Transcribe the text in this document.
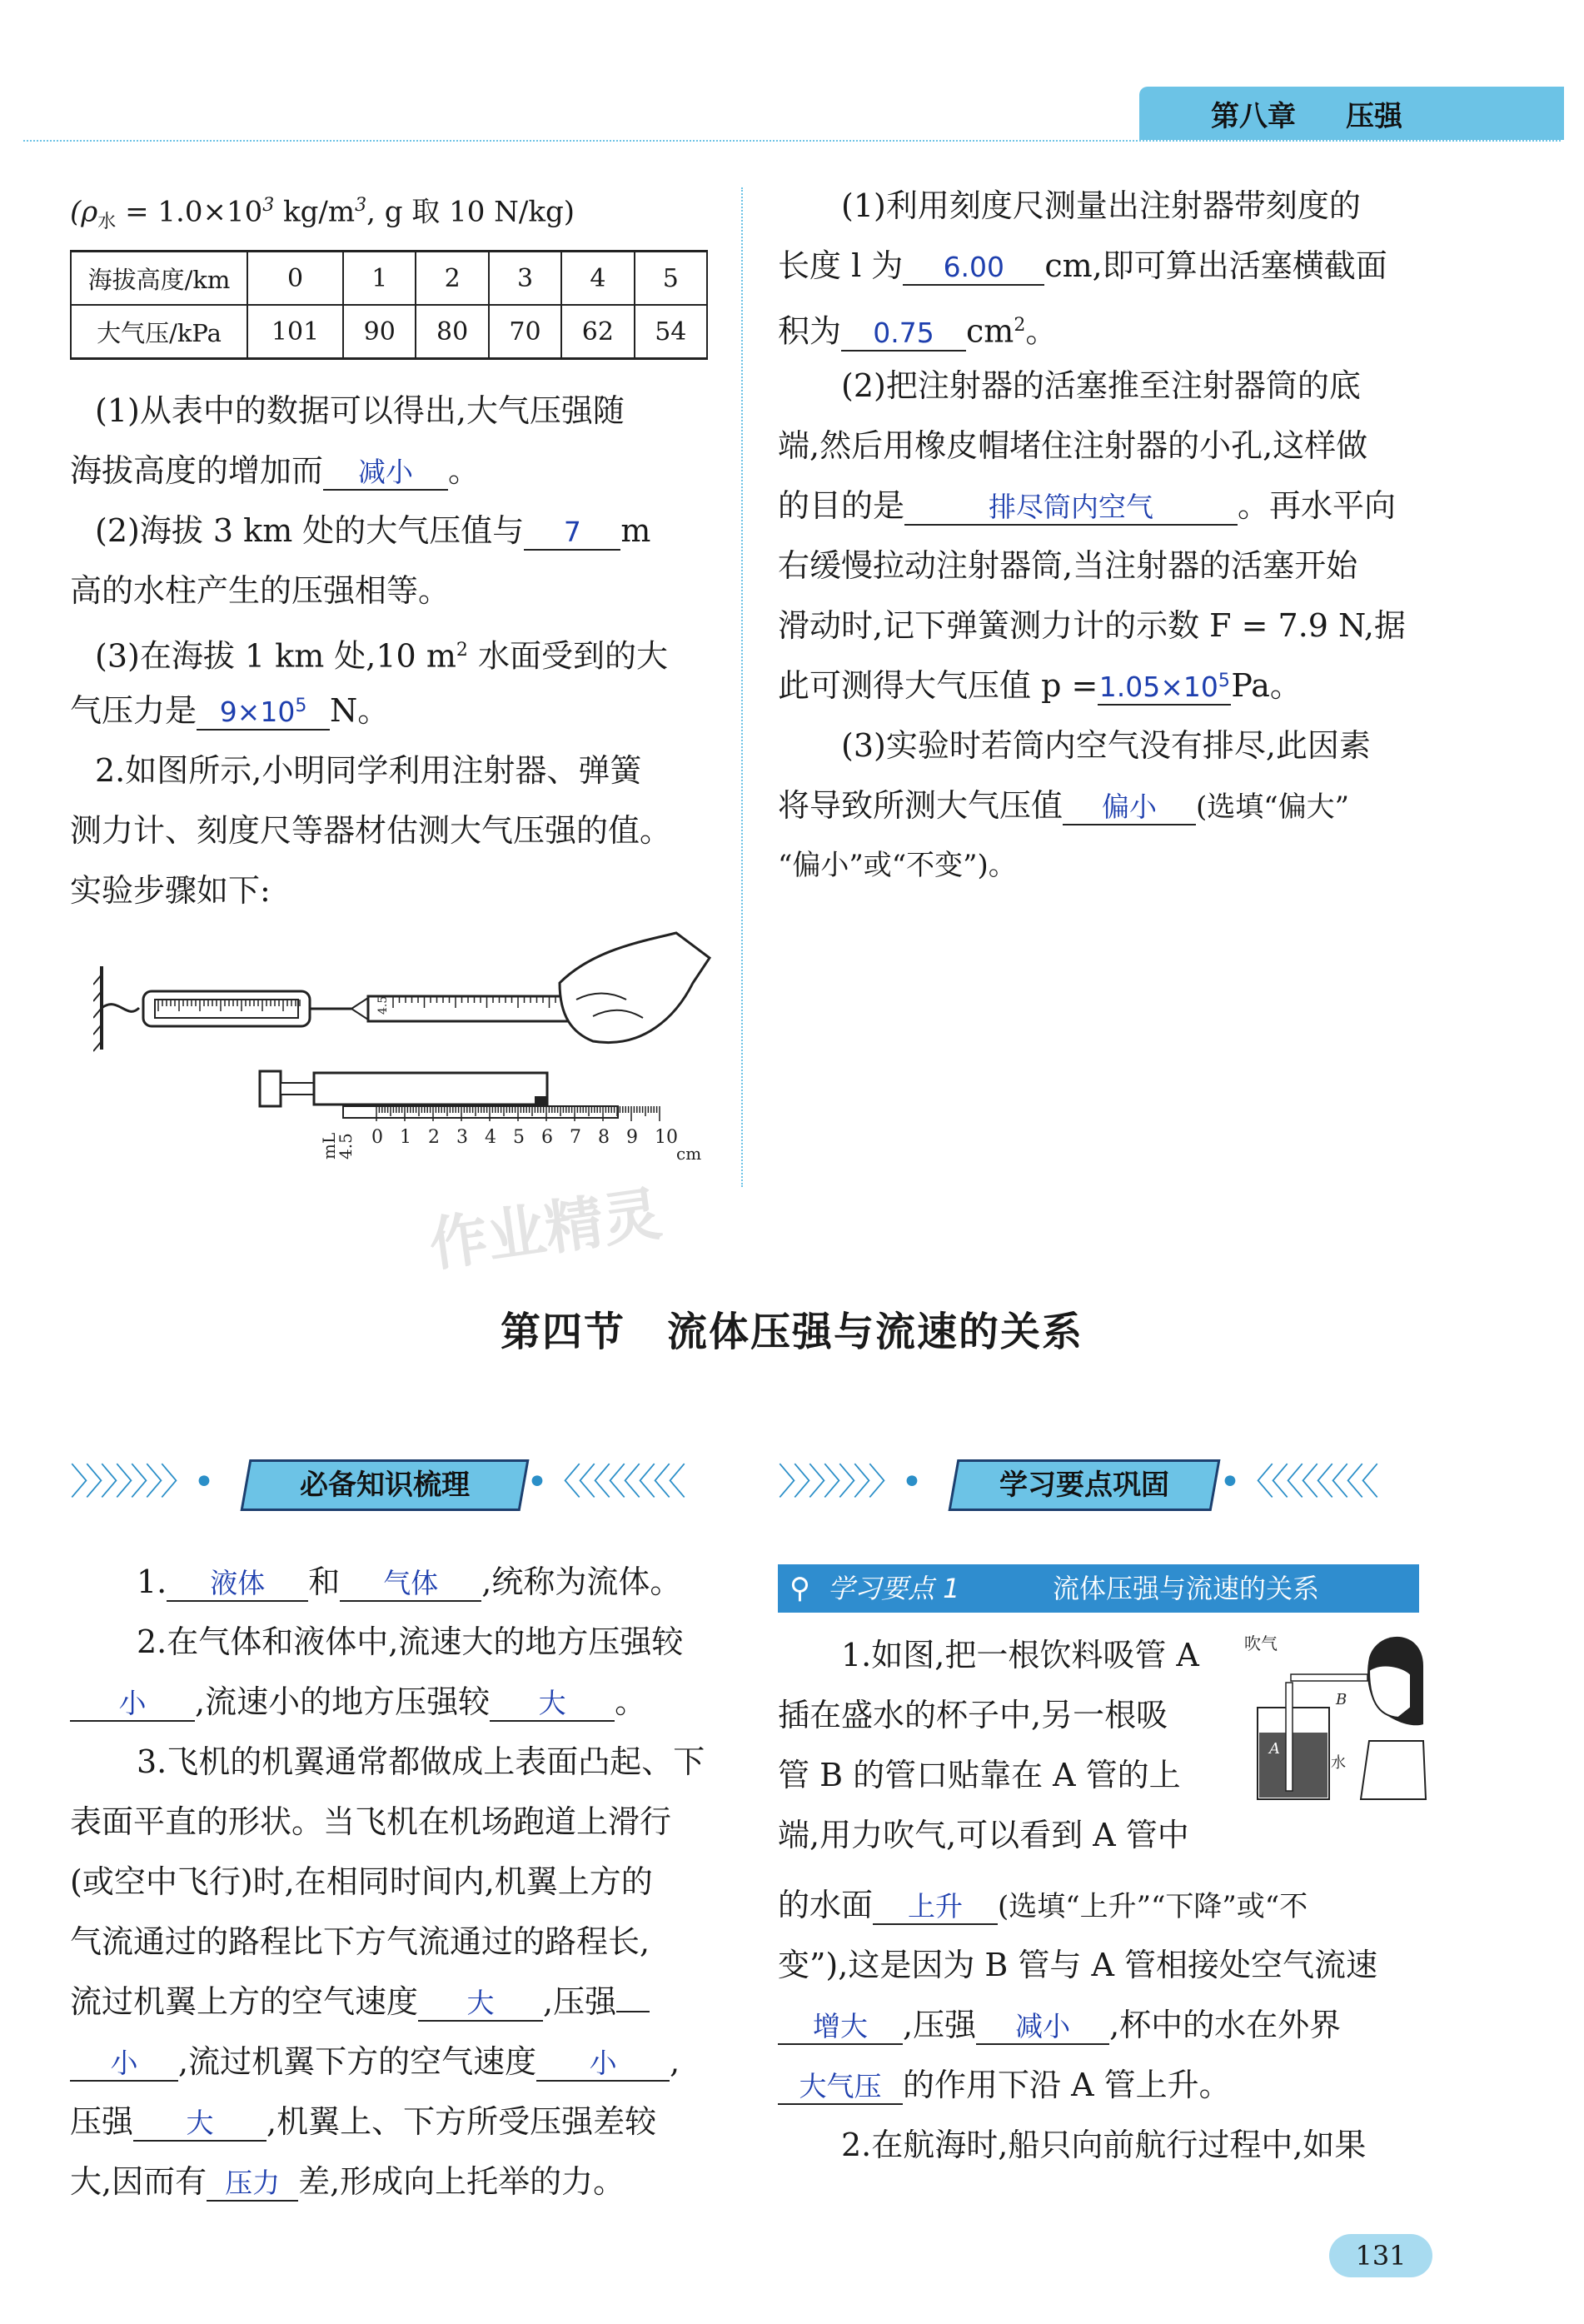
第八章 压强
($\rho_水 = 1.0\times 10^3$ $kg/m^3$, g 取 10 N/kg)
海拔高度/km	0	1	2	3	4	5
大气压/kPa	101	90	80	70	62	54
(1)从表中的数据可以得出,大气压强随
海拔高度的增加而 减小 。
(2)海拔 3 km 处的大气压值与 7 m
高的水柱产生的压强相等。
(3)在海拔 1 km 处,10 $m^2$ 水面受到的大
气压力是 $9\times 10^5$ N。
2.如图所示,小明同学利用注射器、弹簧
测力计、刻度尺等器材估测大气压强的值。
实验步骤如下:
4.5
mL
4.5 0 1 2 3 4 5 6 7 8 9 10
cm
(1)利用刻度尺测量出注射器带刻度的
长度 l 为 6.00 cm,即可算出活塞横截面
积为 0.75 $cm^2$。
(2)把注射器的活塞推至注射器筒的底
端,然后用橡皮帽堵住注射器的小孔,这样做
的目的是	排尽筒内空气	。再水平向
右缓慢拉动注射器筒,当注射器的活塞开始
滑动时,记下弹簧测力计的示数 F = 7.9 N,据
此可测得大气压值 $p =1.05\times 10^5Pa$。
(3)实验时若筒内空气没有排尽,此因素
将导致所测大气压值 偏小 (选填“偏大”
“偏小”或“不变”)。
作业精灵
第四节　流体压强与流速的关系
〉〉〉〉〉〉〉•	必备知识梳理	•〈〈〈〈〈〈〈〈
1. 液体 和 气体 ,统称为流体。
2.在气体和液体中,流速大的地方压强较
小 ,流速小的地方压强较 大 。
3.飞机的机翼通常都做成上表面凸起、下
表面平直的形状。当飞机在机场跑道上滑行
(或空中飞行)时,在相同时间内,机翼上方的
气流通过的路程比下方气流通过的路程长,
流过机翼上方的空气速度 大 ,压强
小 ,流过机翼下方的空气速度 小 ,
压强 大 ,机翼上、下方所受压强差较
大,因而有 压力 差,形成向上托举的力。
〉〉〉〉〉〉〉•	学习要点巩固	•〈〈〈〈〈〈〈〈
⚲ 学习要点 1	流体压强与流速的关系
1.如图,把一根饮料吸管 A
插在盛水的杯子中,另一根吸
管 B 的管口贴靠在 A 管的上
端,用力吹气,可以看到 A 管中
吹气
A
B
水
的水面 上升 (选填“上升”“下降”或“不
变”),这是因为 B 管与 A 管相接处空气流速
增大 ,压强 减小 ,杯中的水在外界
大气压 的作用下沿 A 管上升。
2.在航海时,船只向前航行过程中,如果
131
